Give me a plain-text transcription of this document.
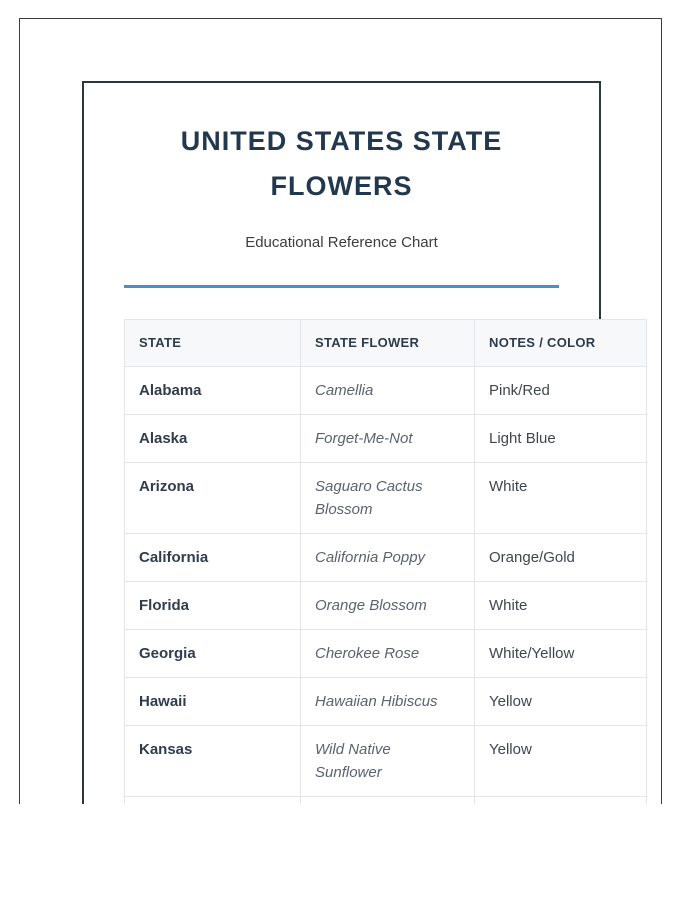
UNITED STATES STATE FLOWERS

Educational Reference Chart

STATE	STATE FLOWER	NOTES / COLOR
Alabama	Camellia	Pink/Red
Alaska	Forget-Me-Not	Light Blue
Arizona	Saguaro Cactus Blossom	White
California	California Poppy	Orange/Gold
Florida	Orange Blossom	White
Georgia	Cherokee Rose	White/Yellow
Hawaii	Hawaiian Hibiscus	Yellow
Kansas	Wild Native Sunflower	Yellow
